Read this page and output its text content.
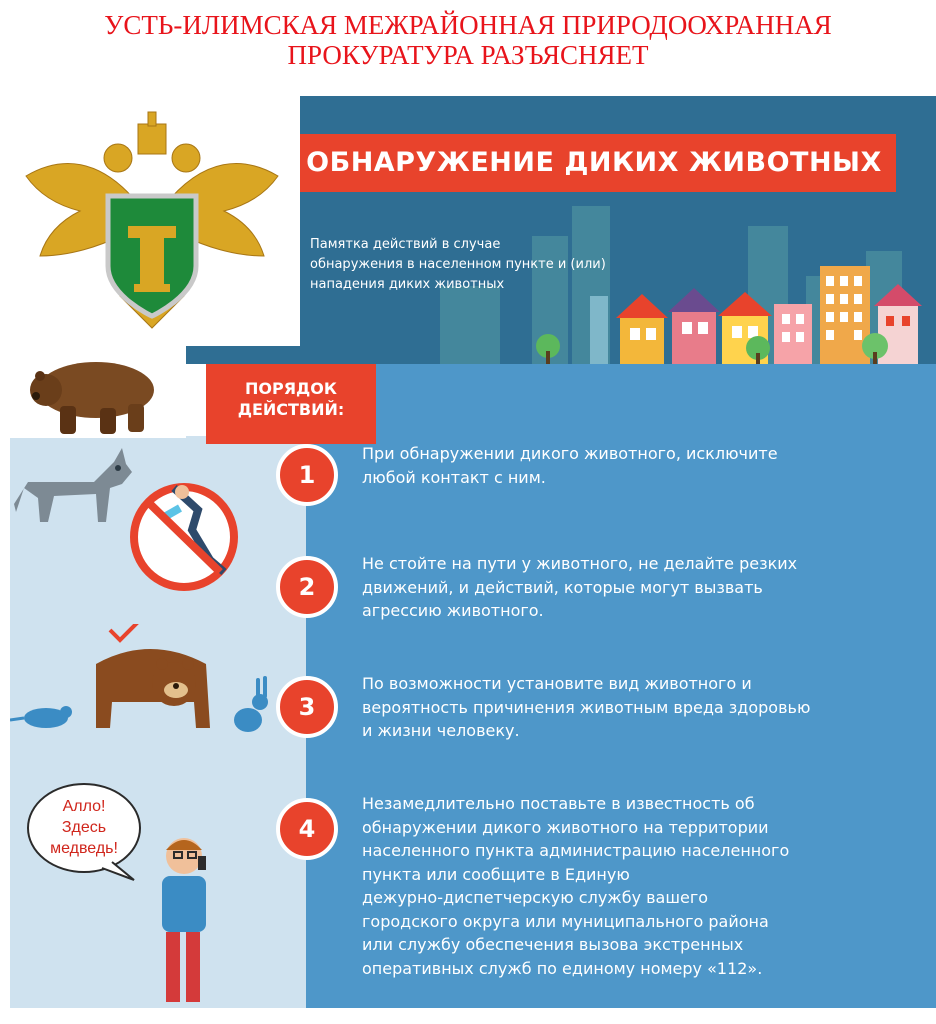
УСТЬ-ИЛИМСКАЯ МЕЖРАЙОННАЯ ПРИРОДООХРАННАЯ
ПРОКУРАТУРА РАЗЪЯСНЯЕТ
ОБНАРУЖЕНИЕ ДИКИХ ЖИВОТНЫХ
Памятка действий в случае
обнаружения в населенном пункте и (или)
нападения диких животных
ПОРЯДОК
ДЕЙСТВИЙ:
1
При обнаружении дикого животного, исключите
любой контакт с ним.
2
Не стойте на пути у животного, не делайте резких
движений, и действий, которые могут вызвать
агрессию животного.
3
По возможности установите вид животного и
вероятность причинения животным вреда здоровью
и жизни человеку.
4
Незамедлительно поставьте в известность об
обнаружении дикого животного на территории
населенного пункта администрацию населенного
пункта или сообщите в Единую
дежурно-диспетчерскую службу вашего
городского округа или муниципального района
или службу обеспечения вызова экстренных
оперативных служб по единому номеру «112».
Алло!
Здесь
медведь!
